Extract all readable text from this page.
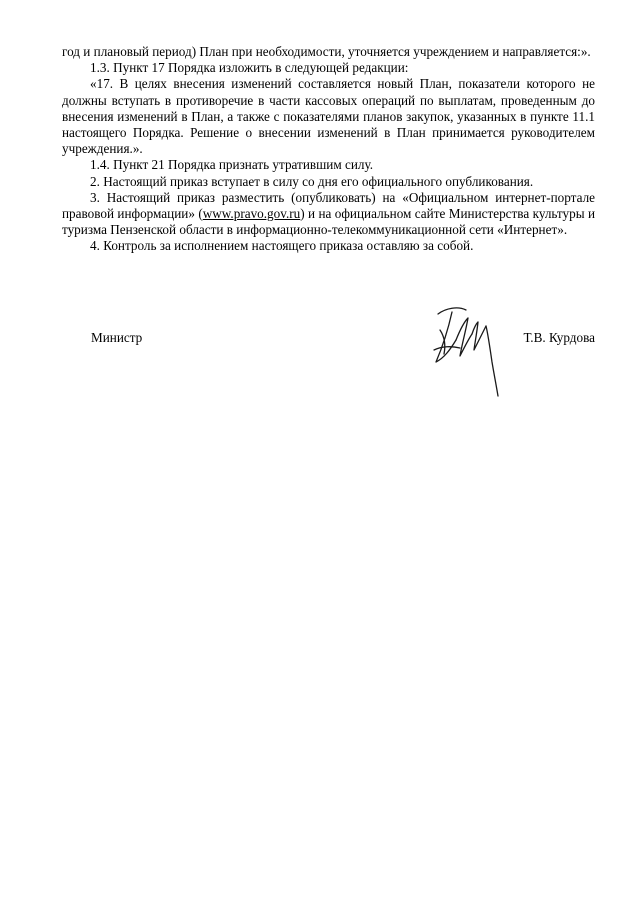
год и плановый период) План при необходимости, уточняется учреждением и направляется:».

1.3. Пункт 17 Порядка изложить в следующей редакции:

«17. В целях внесения изменений составляется новый План, показатели которого не должны вступать в противоречие в части кассовых операций по выплатам, проведенным до внесения изменений в План, а также с показателями планов закупок, указанных в пункте 11.1 настоящего Порядка. Решение о внесении изменений в План принимается руководителем учреждения.».

1.4. Пункт 21 Порядка признать утратившим силу.

2. Настоящий приказ вступает в силу со дня его официального опубликования.

3. Настоящий приказ разместить (опубликовать) на «Официальном интернет-портале правовой информации» (www.pravo.gov.ru) и на официальном сайте Министерства культуры и туризма Пензенской области в информационно-телекоммуникационной сети «Интернет».

4. Контроль за исполнением настоящего приказа оставляю за собой.

Министр	Т.В. Курдова
